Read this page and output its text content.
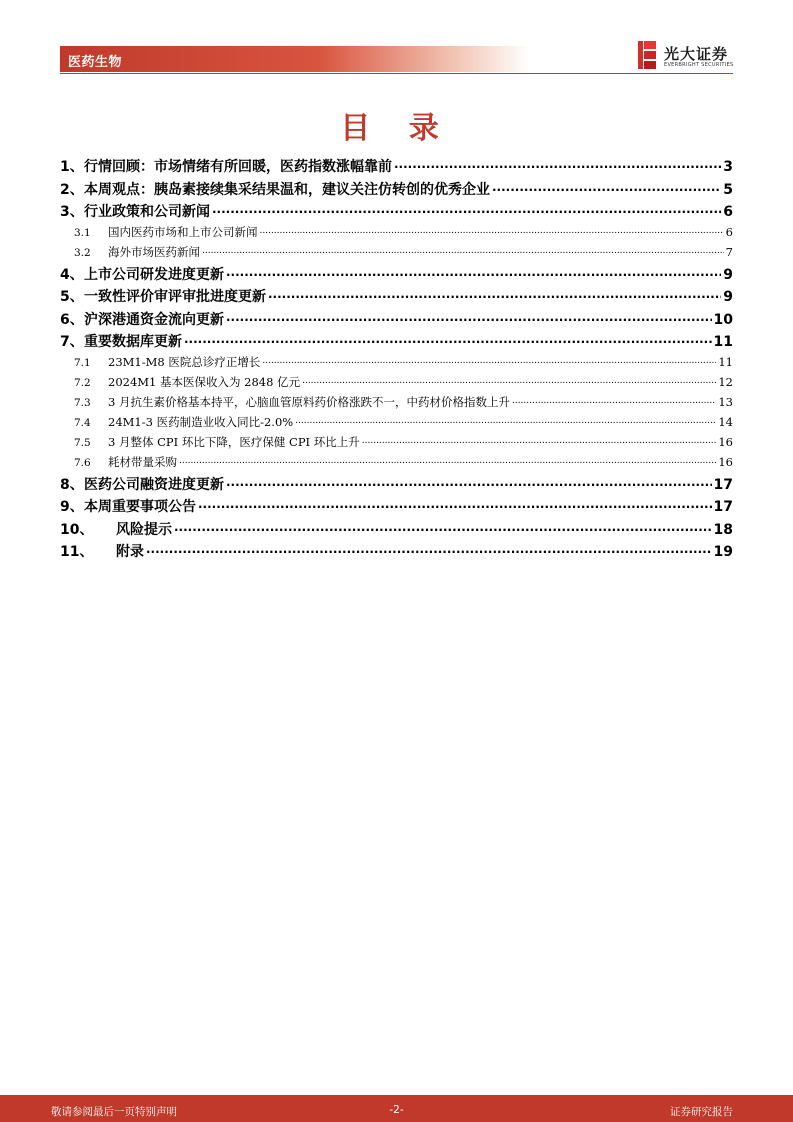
医药生物	光大证券
EVERBRIGHT SECURITIES
目 录
1、 行情回顾：市场情绪有所回暖，医药指数涨幅靠前 .....	3
2、 本周观点：胰岛素接续集采结果温和，建议关注仿转创的优秀企业 .....	5
3、 行业政策和公司新闻 .....	6
3.1	国内医药市场和上市公司新闻 .....	6
3.2	海外市场医药新闻 .....	7
4、 上市公司研发进度更新 .....	9
5、 一致性评价审评审批进度更新 .....	9
6、 沪深港通资金流向更新 .....	10
7、 重要数据库更新 .....	11
7.1	23M1-M8 医院总诊疗正增长 .....	11
7.2	2024M1 基本医保收入为 2848 亿元 .....	12
7.3	3 月抗生素价格基本持平，心脑血管原料药价格涨跌不一，中药材价格指数上升 .....	13
7.4	24M1-3 医药制造业收入同比-2.0% .....	14
7.5	3 月整体 CPI 环比下降，医疗保健 CPI 环比上升 .....	16
7.6	耗材带量采购 .....	16
8、 医药公司融资进度更新 .....	17
9、 本周重要事项公告 .....	17
10、	风险提示 .....	18
11、	附录 .....	19
敬请参阅最后一页特别声明	-2-	证券研究报告
